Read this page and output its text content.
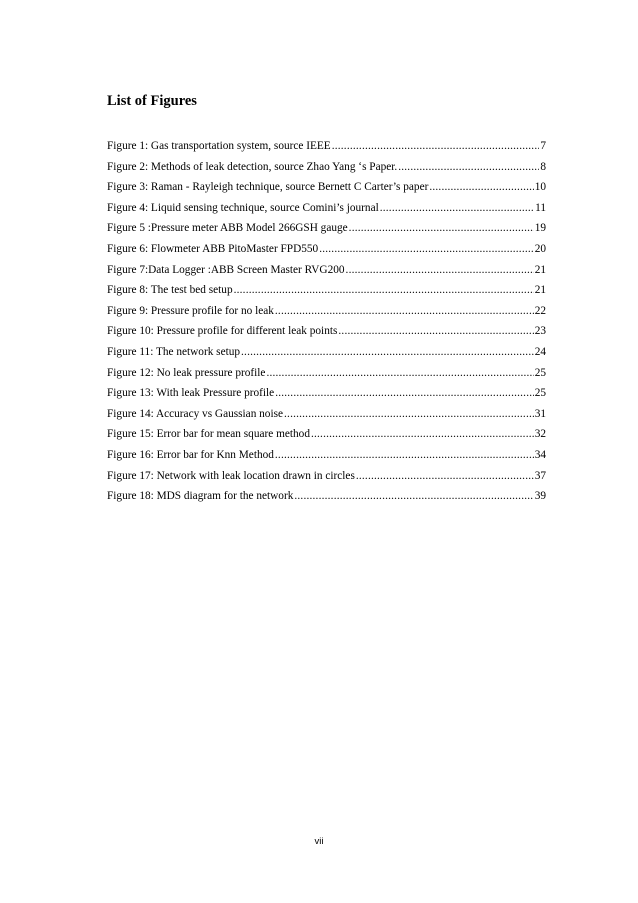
List of Figures
Figure 1: Gas transportation system, source IEEE .....	7
Figure 2: Methods of leak detection, source Zhao Yang ‘s Paper. .....	8
Figure 3: Raman - Rayleigh technique, source Bernett C Carter’s paper .....	10
Figure 4: Liquid sensing technique, source Comini’s journal .....	11
Figure 5 :Pressure meter ABB Model 266GSH gauge .....	19
Figure 6: Flowmeter ABB PitoMaster FPD550 .....	20
Figure 7:Data Logger :ABB Screen Master RVG200 .....	21
Figure 8: The test bed setup .....	21
Figure 9: Pressure profile for no leak .....	22
Figure 10: Pressure profile for different leak points .....	23
Figure 11: The network setup .....	24
Figure 12: No leak pressure profile .....	25
Figure 13: With leak Pressure profile .....	25
Figure 14: Accuracy vs Gaussian noise .....	31
Figure 15: Error bar for mean square method .....	32
Figure 16: Error bar for Knn Method .....	34
Figure 17: Network with leak location drawn in circles .....	37
Figure 18: MDS diagram for the network .....	39
vii
